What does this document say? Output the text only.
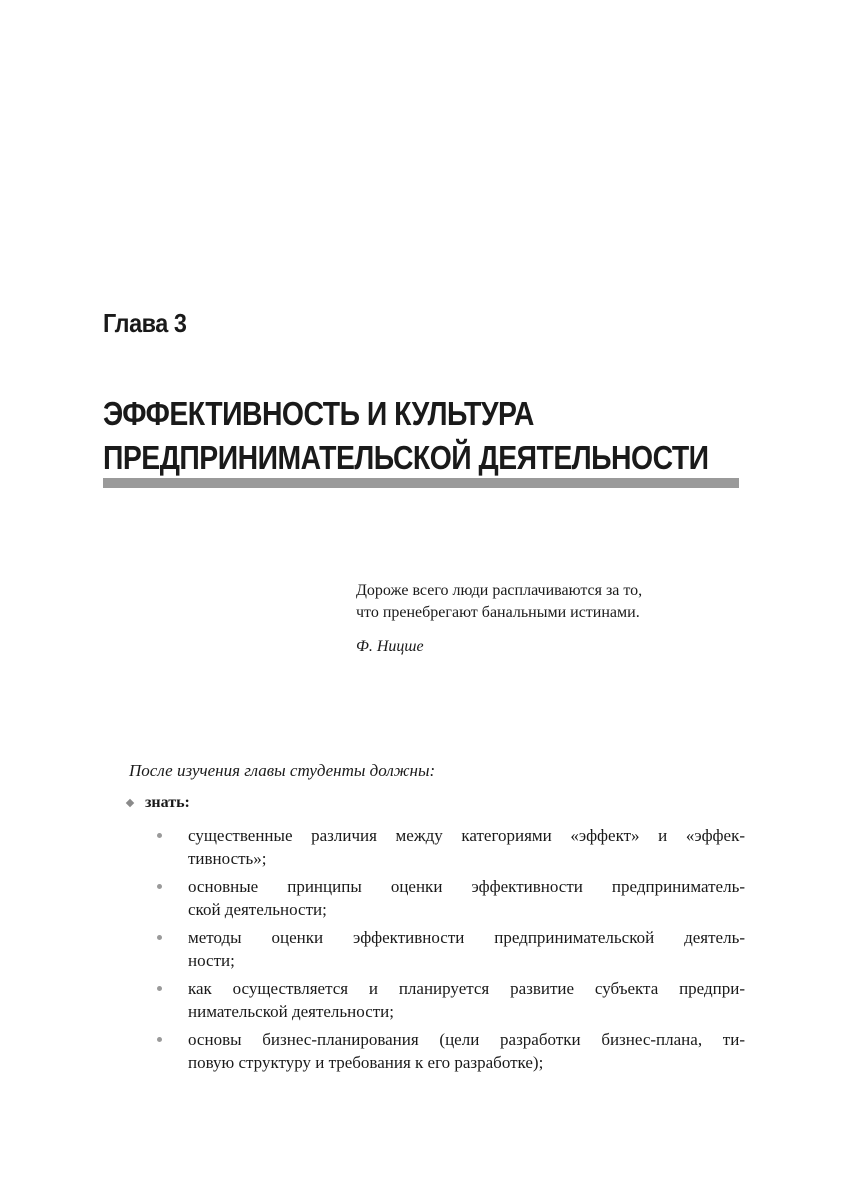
Глава 3
ЭФФЕКТИВНОСТЬ И КУЛЬТУРА
ПРЕДПРИНИМАТЕЛЬСКОЙ ДЕЯТЕЛЬНОСТИ
Дороже всего люди расплачиваются за то,
что пренебрегают банальными истинами.
Ф. Ницше

После изучения главы студенты должны:

знать:
существенные различия между категориями «эффект» и «эффек-
тивность»;
основные принципы оценки эффективности предприниматель-
ской деятельности;
методы оценки эффективности предпринимательской деятель-
ности;
как осуществляется и планируется развитие субъекта предпри-
нимательской деятельности;
основы бизнес-планирования (цели разработки бизнес-плана, ти-
повую структуру и требования к его разработке);
